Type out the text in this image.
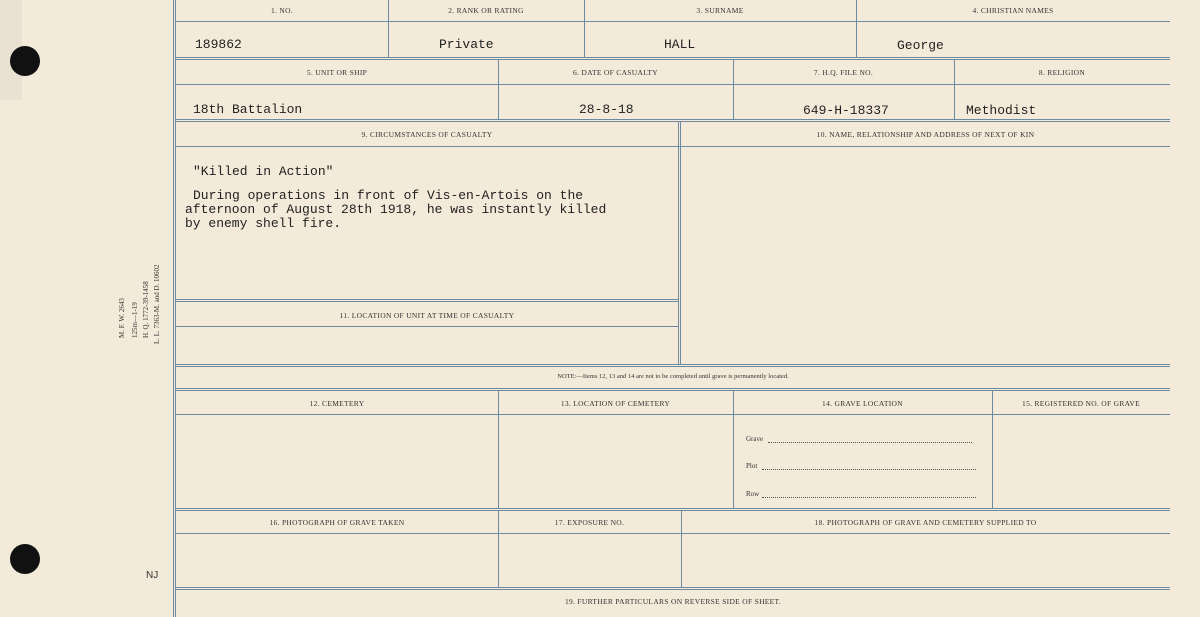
M. F. W. 2643 125m—1-19 H. Q. 1772-39-1458 L. L. 7363-M. and D. 10602
NJ
1. NO.	2. RANK OR RATING	3. SURNAME	4. CHRISTIAN NAMES
189862	Private	HALL	George
5. UNIT OR SHIP	6. DATE OF CASUALTY	7. H.Q. FILE NO.	8. RELIGION
18th Battalion	28-8-18	649-H-18337	Methodist
9. CIRCUMSTANCES OF CASUALTY	10. NAME, RELATIONSHIP AND ADDRESS OF NEXT OF KIN

"Killed in Action"

During operations in front of Vis-en-Artois on the

afternoon of August 28th 1918, he was instantly killed

by enemy shell fire.

11. LOCATION OF UNIT AT TIME OF CASUALTY
NOTE:—Items 12, 13 and 14 are not to be completed until grave is permanently located.
12. CEMETERY	13. LOCATION OF CEMETERY	14. GRAVE LOCATION	15. REGISTERED NO. OF GRAVE
Grave
Plot
Row
16. PHOTOGRAPH OF GRAVE TAKEN	17. EXPOSURE NO.	18. PHOTOGRAPH OF GRAVE AND CEMETERY SUPPLIED TO
19. FURTHER PARTICULARS ON REVERSE SIDE OF SHEET.
